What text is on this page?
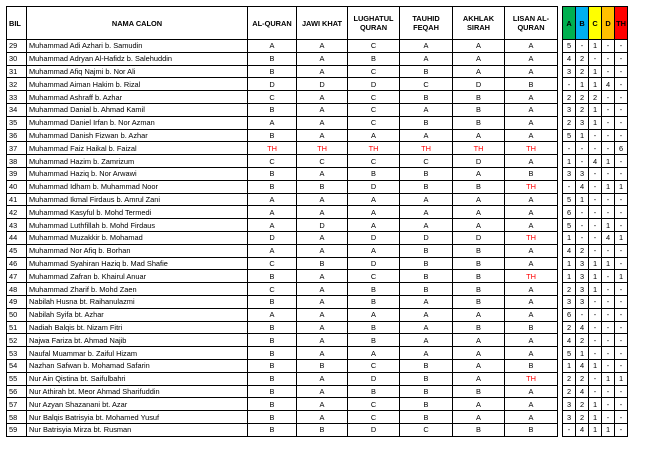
BIL	NAMA CALON	AL-QURAN	JAWI KHAT	LUGHATUL QURAN	TAUHID FEQAH	AKHLAK SIRAH	LISAN AL-QURAN		A	B	C	D	TH
29	Muhammad Adi Azhari b. Samudin	A	A	C	A	A	A		5	-	1	-	-
30	Muhammad Adryan Al-Hafidz b. Salehuddin	B	A	B	A	A	A		4	2	-	-	-
31	Muhammad Afiq Najmi b. Nor Ali	B	A	C	B	A	A		3	2	1	-	-
32	Muhammad Aiman Hakim b. Rizal	D	D	D	C	D	B		-	1	1	4	-
33	Muhammad Ashraff b. Azhar	C	A	C	B	B	A		2	2	2	-	-
34	Muhammad Danial b. Ahmad Kamil	B	A	C	A	B	A		3	2	1	-	-
35	Muhammad Daniel Irfan b. Nor Azman	A	A	C	B	B	A		2	3	1	-	-
36	Muhammad Danish Fizwan b. Azhar	B	A	A	A	A	A		5	1	-	-	-
37	Muhammad Faiz Haikal b. Faizal	TH	TH	TH	TH	TH	TH		-	-	-	-	6
38	Muhammad Hazim b. Zamrizum	C	C	C	C	D	A		1	-	4	1	-
39	Muhammad Haziq b. Nor Arwawi	B	A	B	B	A	B		3	3	-	-	-
40	Muhammad Idham b. Muhammad Noor	B	B	D	B	B	TH		-	4	-	1	1
41	Muhammad Ikmal Firdaus b. Amrul Zani	A	A	A	A	A	A		5	1	-	-	-
42	Muhammad Kasyful b. Mohd Termedi	A	A	A	A	A	A		6	-	-	-	-
43	Muhammad Luthfillah b. Mohd Firdaus	A	D	A	A	A	A		5	-	-	1	-
44	Muhammad Muzakkir b. Mohamad	D	A	D	D	D	TH		1	-	-	4	1
45	Muhammad Nor Afiq b. Borhan	A	A	A	B	B	A		4	2	-	-	-
46	Muhammad Syahiran Haziq b. Mad Shafie	C	B	D	B	B	A		1	3	1	1	-
47	Muhammad Zafran b. Khairul Anuar	B	A	C	B	B	TH		1	3	1	-	1
48	Muhammad Zharif b. Mohd Zaen	C	A	B	B	B	A		2	3	1	-	-
49	Nabilah Husna bt. Raihanulazmi	B	A	B	A	B	A		3	3	-	-	-
50	Nabilah Syifa bt. Azhar	A	A	A	A	A	A		6	-	-	-	-
51	Nadiah Balqis bt. Nizam Fitri	B	A	B	A	B	B		2	4	-	-	-
52	Najwa Fariza bt. Ahmad Najib	B	A	B	A	A	A		4	2	-	-	-
53	Naufal Muammar b. Zaiful Hizam	B	A	A	A	A	A		5	1	-	-	-
54	Nazhan Safwan b. Mohamad Safarin	B	B	C	B	A	B		1	4	1	-	-
55	Nur Ain Qistina bt. Saifulbahri	B	A	D	B	A	TH		2	2	-	1	1
56	Nur Athirah bt. Meor Ahmad Sharifuddin	B	A	B	B	B	A		2	4	-	-	-
57	Nur Azyan Shazanani bt. Azar	B	A	C	B	A	A		3	2	1	-	-
58	Nur Balqis Batrisyia bt. Mohamed Yusuf	B	A	C	B	A	A		3	2	1	-	-
59	Nur Batrisyia Mirza bt. Rusman	B	B	D	C	B	B		-	4	1	1	-
